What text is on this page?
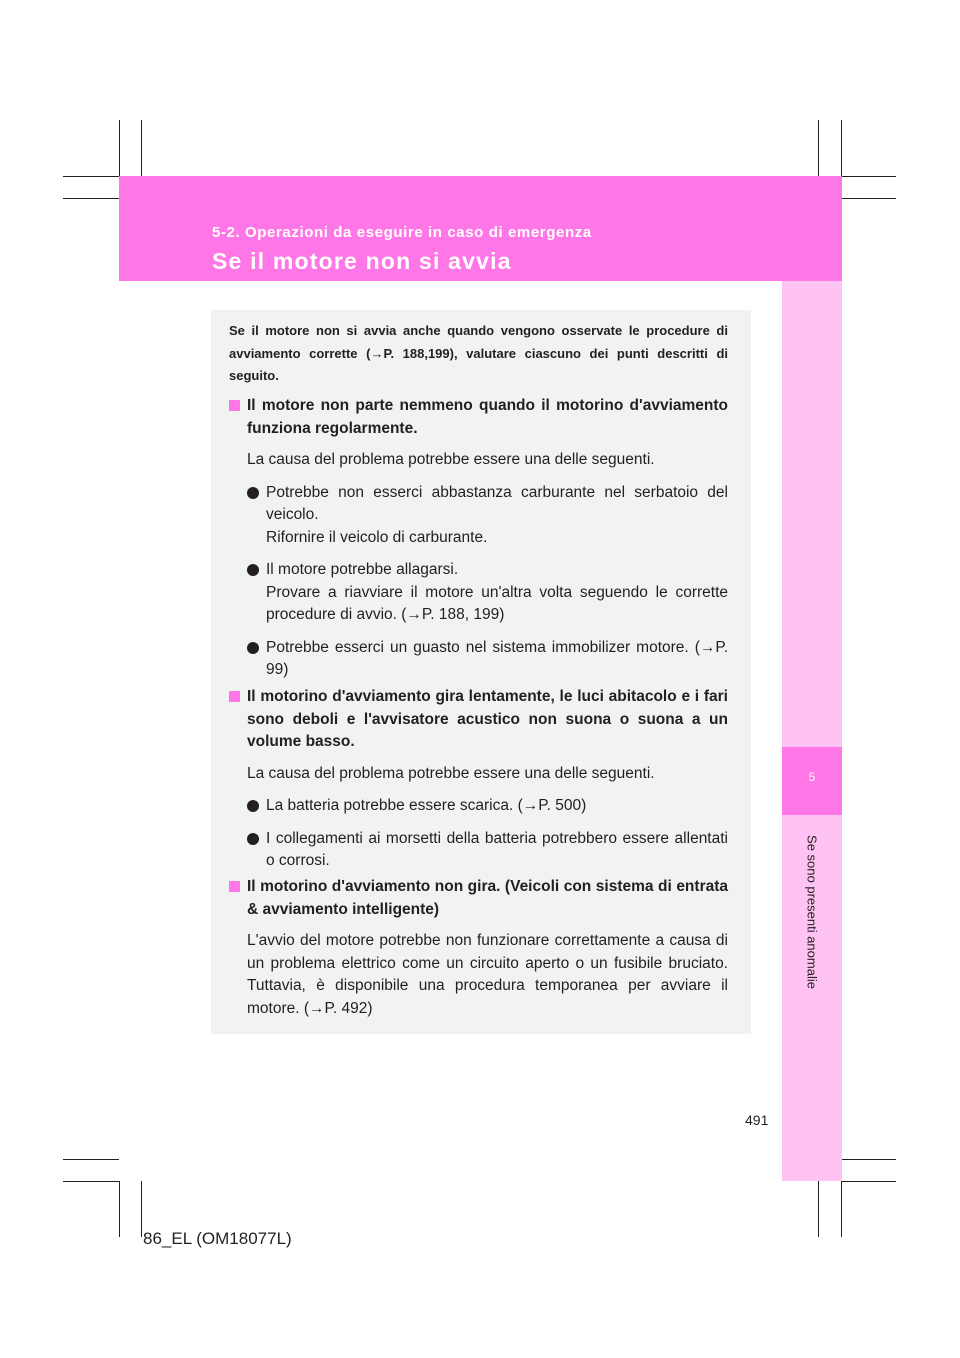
5-2. Operazioni da eseguire in caso di emergenza
Se il motore non si avvia
5
Se sono presenti anomalie
Se il motore non si avvia anche quando vengono osservate le procedure di avviamento corrette (→P. 188,199), valutare ciascuno dei punti descritti di seguito.
Il motore non parte nemmeno quando il motorino d'avviamento funziona regolarmente.
La causa del problema potrebbe essere una delle seguenti.
Potrebbe non esserci abbastanza carburante nel serbatoio del veicolo.
Rifornire il veicolo di carburante.
Il motore potrebbe allagarsi.
Provare a riavviare il motore un'altra volta seguendo le corrette procedure di avvio. (→P. 188, 199)
Potrebbe esserci un guasto nel sistema immobilizer motore. (→P. 99)
Il motorino d'avviamento gira lentamente, le luci abitacolo e i fari sono deboli e l'avvisatore acustico non suona o suona a un volume basso.
La causa del problema potrebbe essere una delle seguenti.
La batteria potrebbe essere scarica. (→P. 500)
I collegamenti ai morsetti della batteria potrebbero essere allentati o corrosi.
Il motorino d'avviamento non gira. (Veicoli con sistema di entrata & avviamento intelligente)
L'avvio del motore potrebbe non funzionare correttamente a causa di un problema elettrico come un circuito aperto o un fusibile bruciato. Tuttavia, è disponibile una procedura temporanea per avviare il motore. (→P. 492)
491
86_EL (OM18077L)
